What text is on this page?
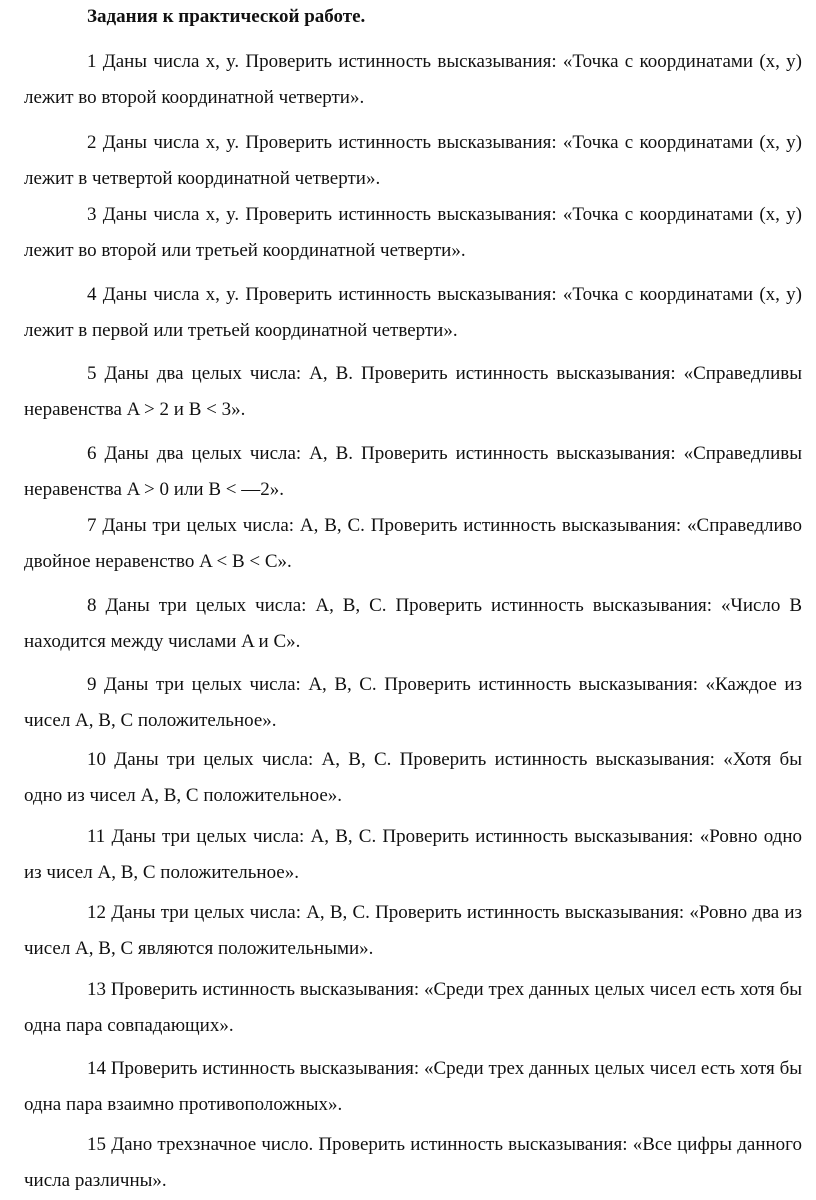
Задания к практической работе.

1 Даны числа x, y. Проверить истинность высказывания: «Точка с координатами (x, y) лежит во второй координатной четверти».

2 Даны числа x, y. Проверить истинность высказывания: «Точка с координатами (x, y) лежит в четвертой координатной четверти».

3 Даны числа x, y. Проверить истинность высказывания: «Точка с координатами (x, y) лежит во второй или третьей координатной четверти».

4 Даны числа x, y. Проверить истинность высказывания: «Точка с координатами (x, y) лежит в первой или третьей координатной четверти».

5 Даны два целых числа: A, B. Проверить истинность высказывания: «Справедливы неравенства A > 2 и B < 3».

6 Даны два целых числа: А, В. Проверить истинность высказывания: «Справедливы неравенства A > 0 или B < —2».

7 Даны три целых числа: А, В, С. Проверить истинность высказывания: «Справедливо двойное неравенство A < B < C».

8 Даны три целых числа: A, B, C. Проверить истинность высказывания: «Число B находится между числами A и C».

9 Даны три целых числа: A, B, C. Проверить истинность высказывания: «Каждое из чисел A, B, C положительное».

10 Даны три целых числа: A, B, C. Проверить истинность высказывания: «Хотя бы одно из чисел A, B, C положительное».

11 Даны три целых числа: A, B, C. Проверить истинность высказывания: «Ровно одно из чисел A, B, C положительное».

12 Даны три целых числа: А, В, С. Проверить истинность высказывания: «Ровно два из чисел А, В, С являются положительными».

13 Проверить истинность высказывания: «Среди трех данных целых чисел есть хотя бы одна пара совпадающих».

14 Проверить истинность высказывания: «Среди трех данных целых чисел есть хотя бы одна пара взаимно противоположных».

15 Дано трехзначное число. Проверить истинность высказывания: «Все цифры данного числа различны».
